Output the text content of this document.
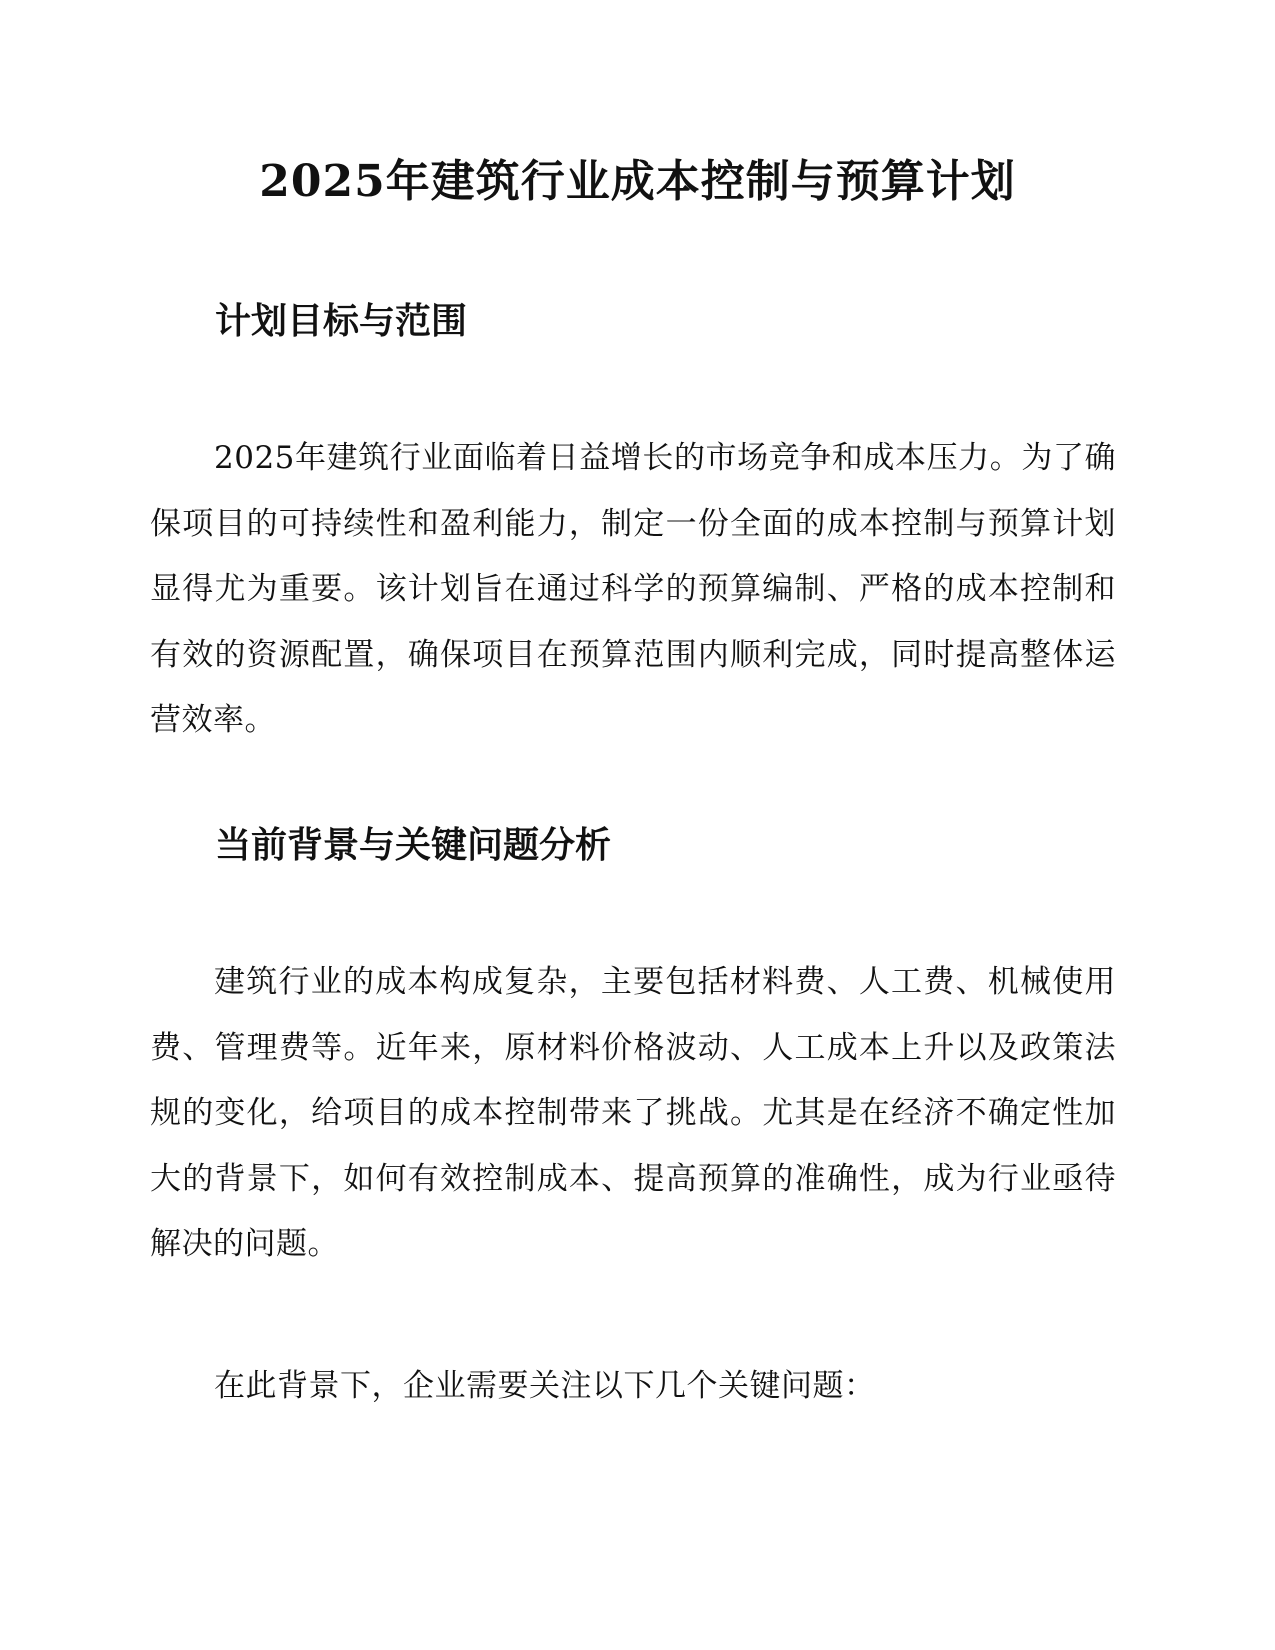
2025年建筑行业成本控制与预算计划
计划目标与范围

2025年建筑行业面临着日益增长的市场竞争和成本压力。为了确保项目的可持续性和盈利能力，制定一份全面的成本控制与预算计划显得尤为重要。该计划旨在通过科学的预算编制、严格的成本控制和有效的资源配置，确保项目在预算范围内顺利完成，同时提高整体运营效率。

当前背景与关键问题分析

建筑行业的成本构成复杂，主要包括材料费、人工费、机械使用费、管理费等。近年来，原材料价格波动、人工成本上升以及政策法规的变化，给项目的成本控制带来了挑战。尤其是在经济不确定性加大的背景下，如何有效控制成本、提高预算的准确性，成为行业亟待解决的问题。

在此背景下，企业需要关注以下几个关键问题：
